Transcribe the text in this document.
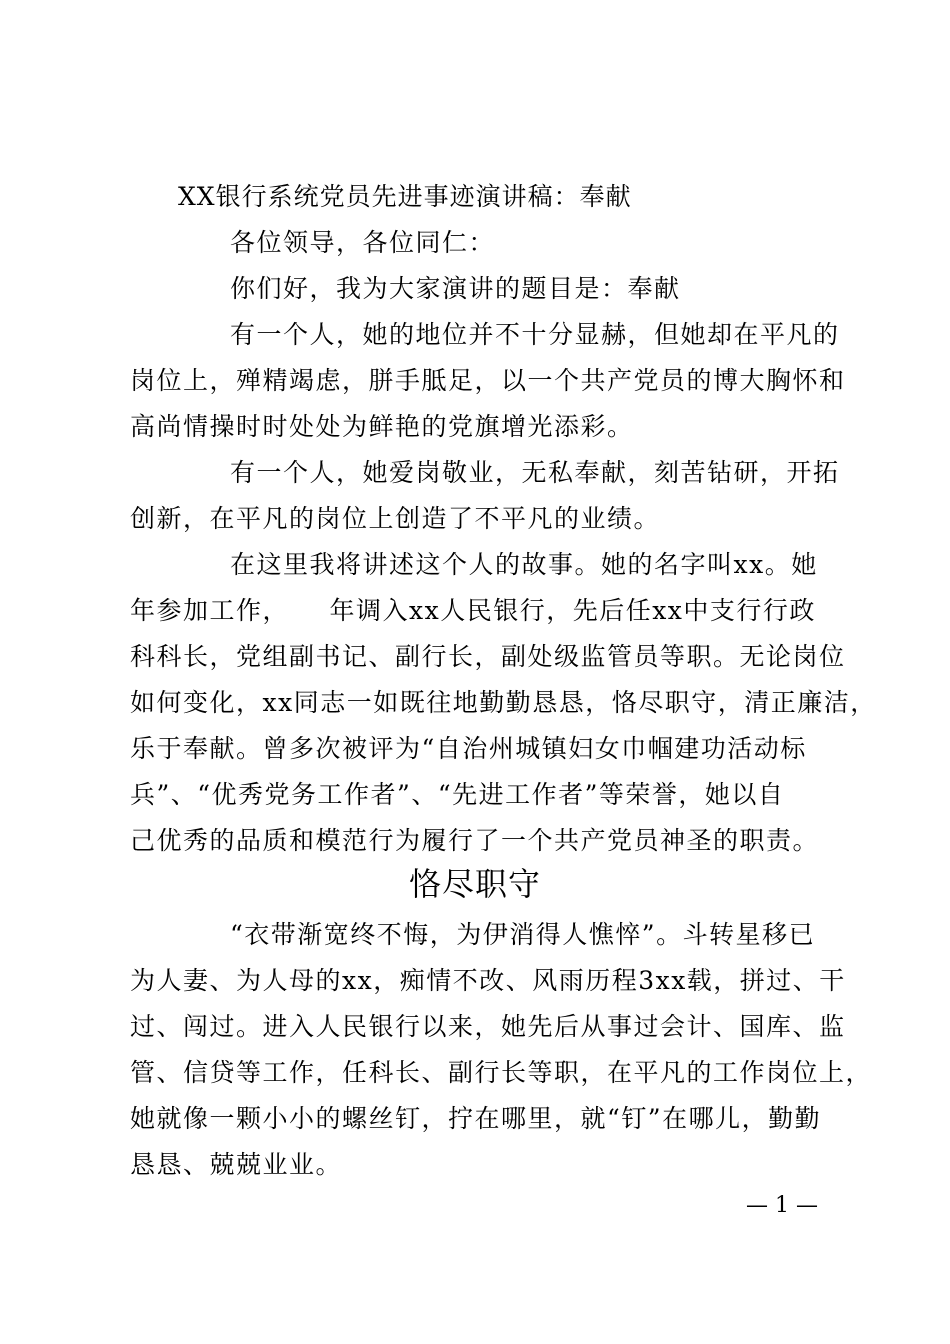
XX银行系统党员先进事迹演讲稿：奉献
各位领导，各位同仁：
你们好，我为大家演讲的题目是：奉献
有一个人，她的地位并不十分显赫，但她却在平凡的
岗位上，殚精竭虑，胼手胝足，以一个共产党员的博大胸怀和
高尚情操时时处处为鲜艳的党旗增光添彩。
有一个人，她爱岗敬业，无私奉献，刻苦钻研，开拓
创新，在平凡的岗位上创造了不平凡的业绩。
在这里我将讲述这个人的故事。她的名字叫xx。她
年参加工作，　　年调入xx人民银行，先后任xx中支行行政
科科长，党组副书记、副行长，副处级监管员等职。无论岗位
如何变化，xx同志一如既往地勤勤恳恳，恪尽职守，清正廉洁，
乐于奉献。曾多次被评为“自治州城镇妇女巾帼建功活动标
兵”、“优秀党务工作者”、“先进工作者”等荣誉，她以自
己优秀的品质和模范行为履行了一个共产党员神圣的职责。
恪尽职守
“衣带渐宽终不悔，为伊消得人憔悴”。斗转星移已
为人妻、为人母的xx，痴情不改、风雨历程3xx载，拼过、干
过、闯过。进入人民银行以来，她先后从事过会计、国库、监
管、信贷等工作，任科长、副行长等职，在平凡的工作岗位上，
她就像一颗小小的螺丝钉，拧在哪里，就“钉”在哪儿，勤勤
恳恳、兢兢业业。
— 1 —
